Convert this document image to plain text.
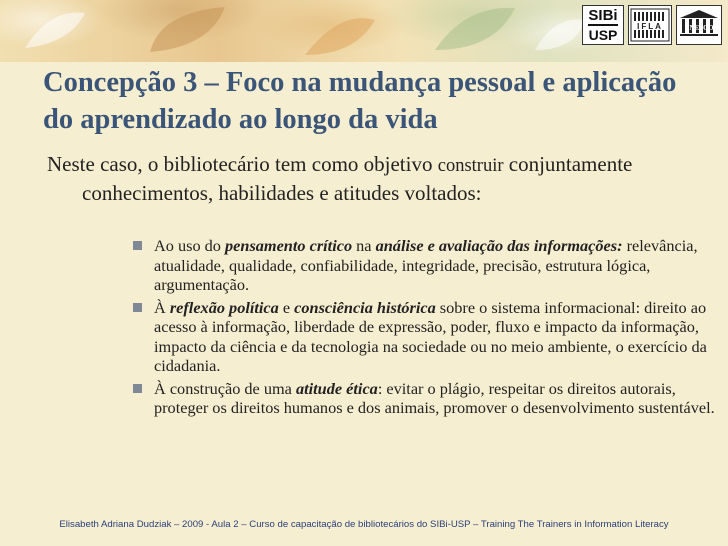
SIBi
USP
IFLA	UNESCO
Concepção 3 – Foco na mudança pessoal e aplicação do aprendizado ao longo da vida
Neste caso, o bibliotecário tem como objetivo construir conjuntamente conhecimentos, habilidades e atitudes voltados:
Ao uso do pensamento crítico na análise e avaliação das informações: relevância, atualidade, qualidade, confiabilidade, integridade, precisão, estrutura lógica, argumentação.
À reflexão política e consciência histórica sobre o sistema informacional: direito ao acesso à informação, liberdade de expressão, poder, fluxo e impacto da informação, impacto da ciência e da tecnologia na sociedade ou no meio ambiente, o exercício da cidadania.
À construção de uma atitude ética: evitar o plágio, respeitar os direitos autorais, proteger os direitos humanos e dos animais, promover o desenvolvimento sustentável.
Elisabeth Adriana Dudziak – 2009 - Aula 2 – Curso de capacitação de bibliotecários do SIBi-USP – Training The Trainers in Information Literacy
